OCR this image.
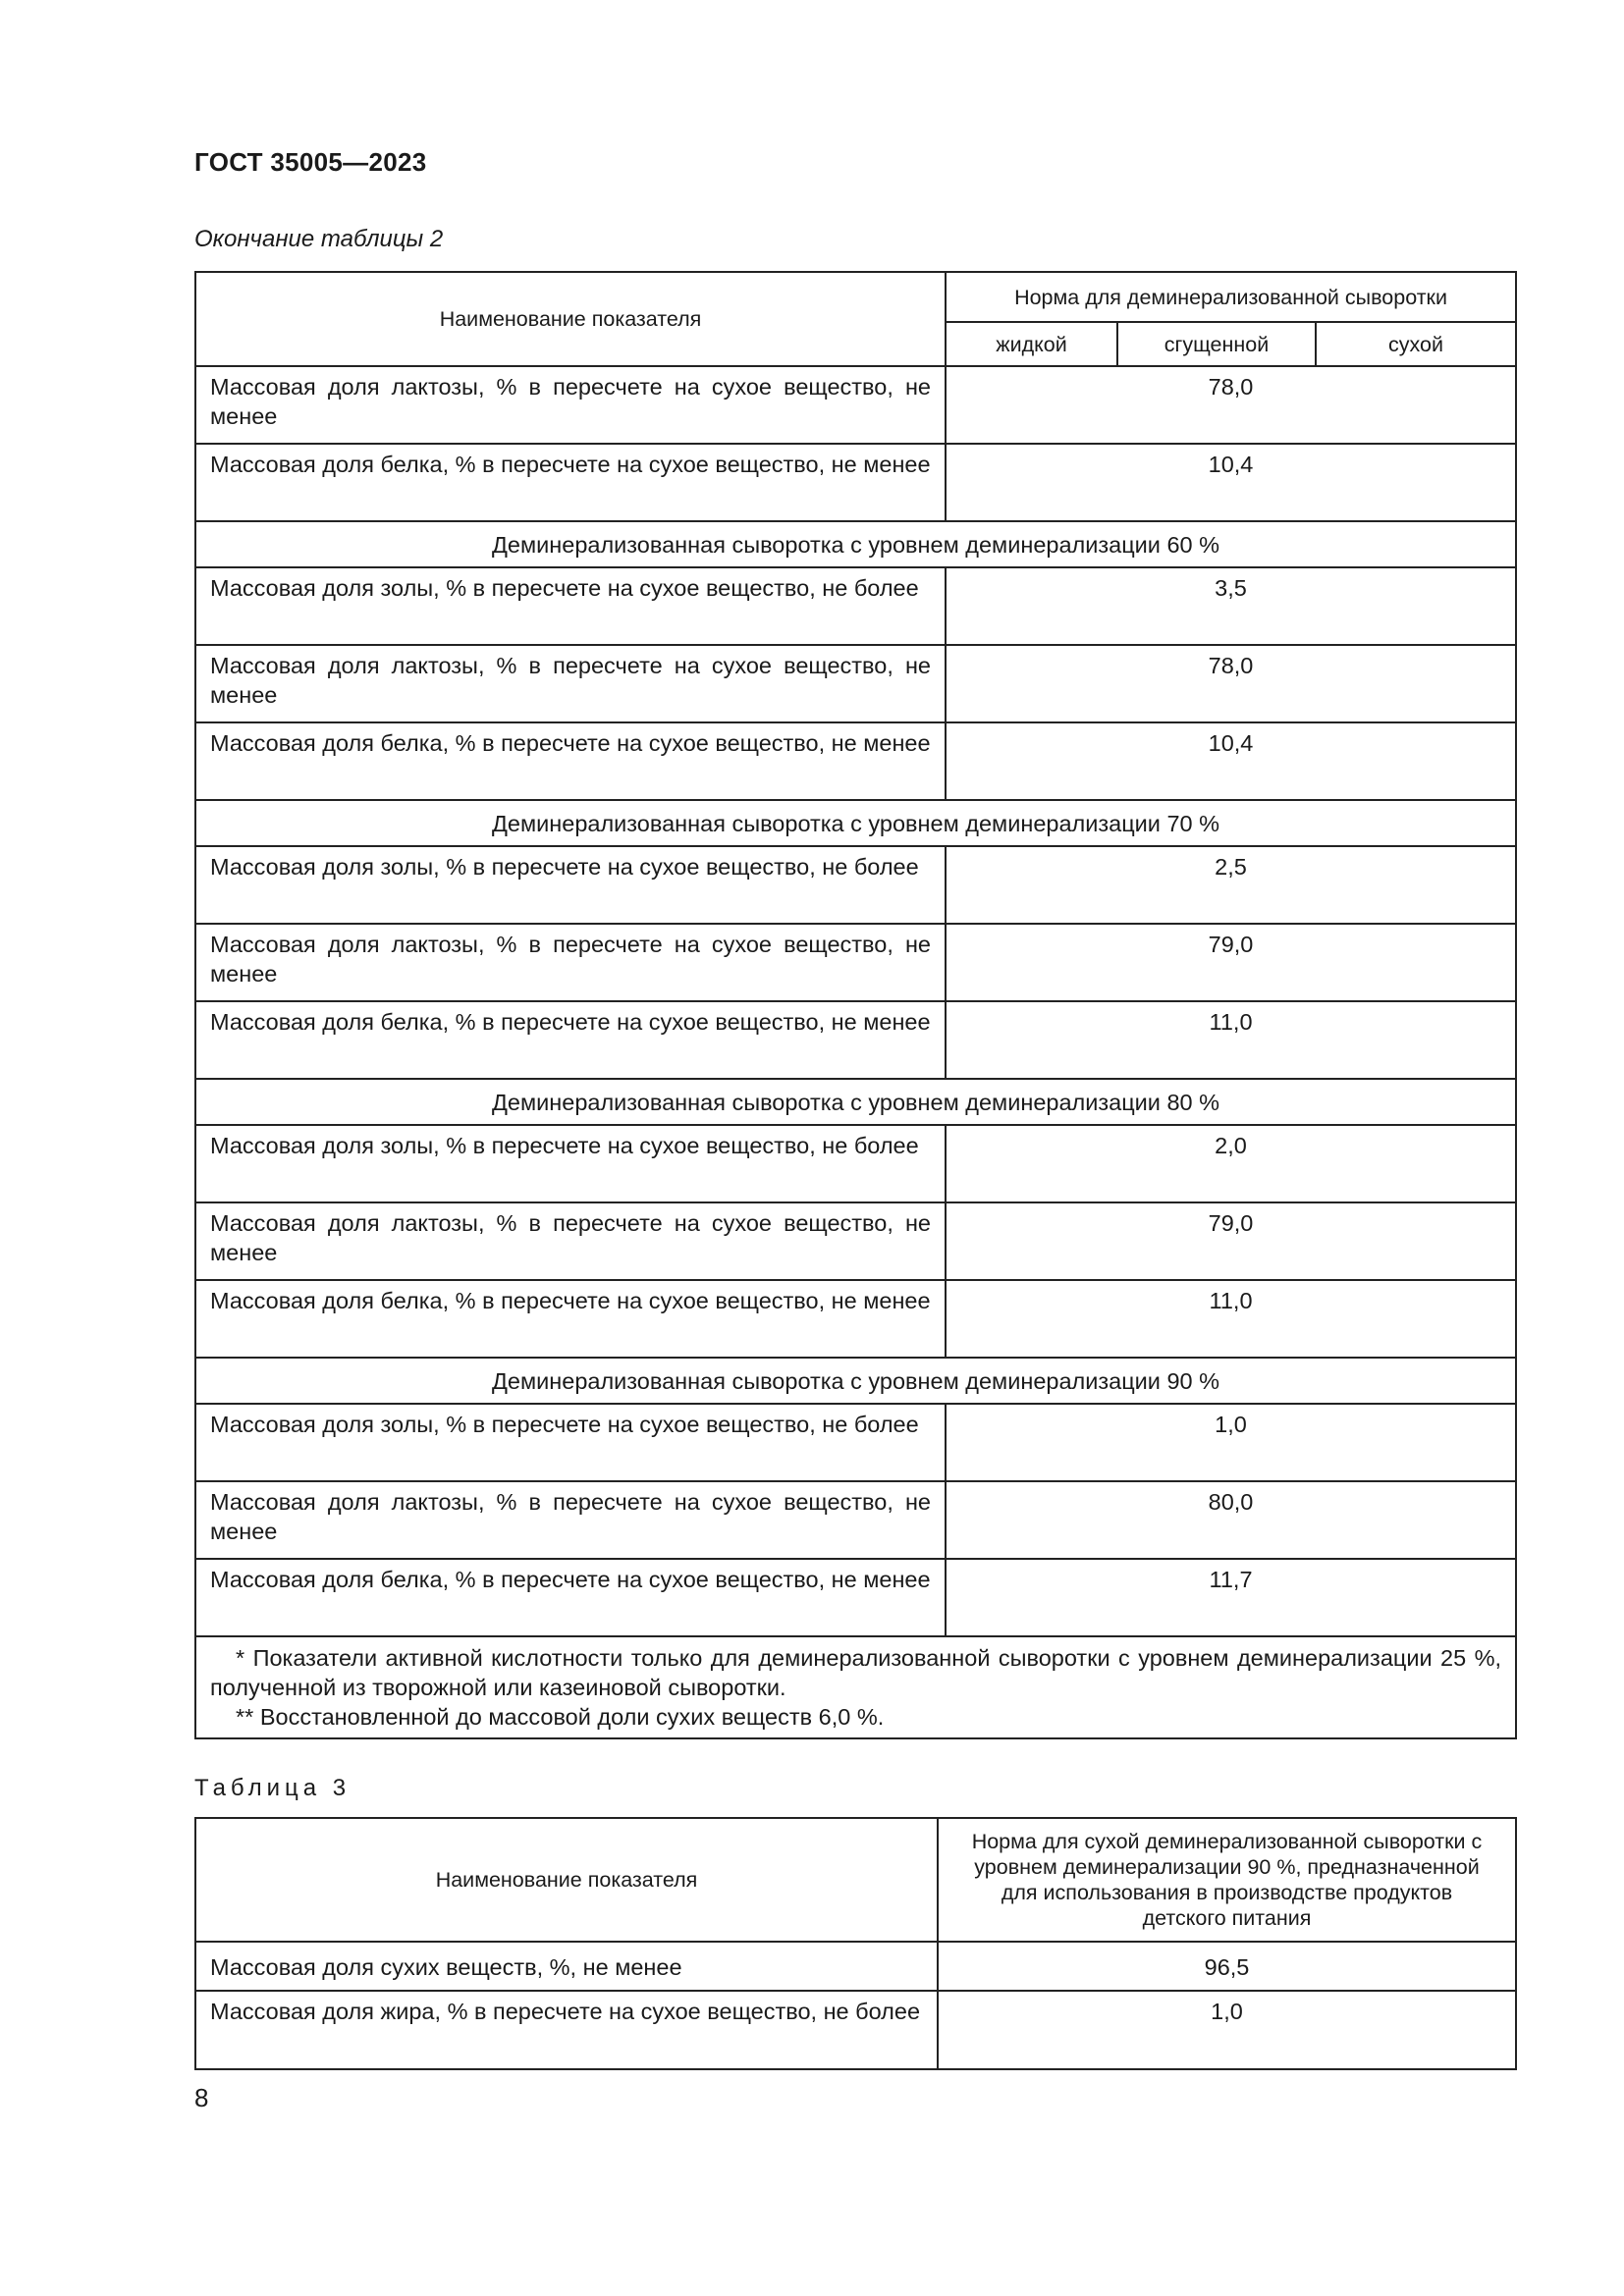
ГОСТ 35005—2023
Окончание таблицы 2
Наименование показателя	Норма для деминерализованной сыворотки		
	жидкой	сгущенной	сухой
Массовая доля лактозы, % в пересчете на сухое вещество, не менее	78,0		
Массовая доля белка, % в пересчете на сухое вещество, не менее	10,4		
Деминерализованная сыворотка с уровнем деминерализации 60 %			
Массовая доля золы, % в пересчете на сухое вещество, не более	3,5		
Массовая доля лактозы, % в пересчете на сухое вещество, не менее	78,0		
Массовая доля белка, % в пересчете на сухое вещество, не менее	10,4		
Деминерализованная сыворотка с уровнем деминерализации 70 %			
Массовая доля золы, % в пересчете на сухое вещество, не более	2,5		
Массовая доля лактозы, % в пересчете на сухое вещество, не менее	79,0		
Массовая доля белка, % в пересчете на сухое вещество, не менее	11,0		
Деминерализованная сыворотка с уровнем деминерализации 80 %			
Массовая доля золы, % в пересчете на сухое вещество, не более	2,0		
Массовая доля лактозы, % в пересчете на сухое вещество, не менее	79,0		
Массовая доля белка, % в пересчете на сухое вещество, не менее	11,0		
Деминерализованная сыворотка с уровнем деминерализации 90 %			
Массовая доля золы, % в пересчете на сухое вещество, не более	1,0		
Массовая доля лактозы, % в пересчете на сухое вещество, не менее	80,0		
Массовая доля белка, % в пересчете на сухое вещество, не менее	11,7		

* Показатели активной кислотности только для деминерализованной сыворотки с уровнем деминерализации 25 %, полученной из творожной или казеиновой сыворотки.
** Восстановленной до массовой доли сухих веществ 6,0 %.			
Таблица 3
Наименование показателя	Норма для сухой деминерализованной сыворотки с уровнем деминерализации 90 %, предназначенной для использования в производстве продуктов детского питания
Массовая доля сухих веществ, %, не менее	96,5
Массовая доля жира, % в пересчете на сухое вещество, не более	1,0
8
